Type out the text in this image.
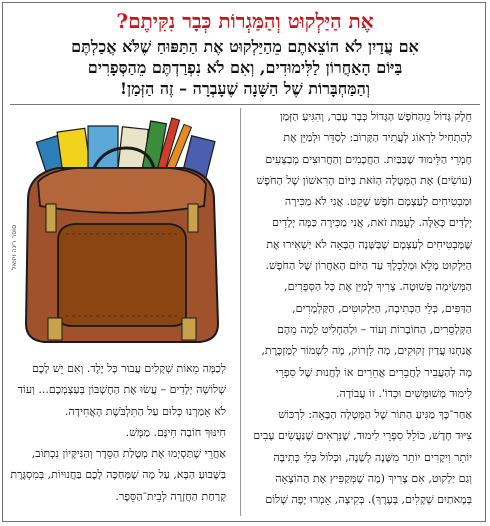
אֶת הַיַּלְקוּט וְהַמַּגְרוֹת כְּבָר נִקִּיתֶם?
אִם עֲדַיִן לֹא הוֹצֵאתֶם מֵהַיַּלְקוּט אֶת הַתַּפּוּחַ שֶׁלֹּא אֲכַלְתֶּם
בַּיּוֹם הָאַחֲרוֹן לַלִּימוּדִים, וְאִם לֹא נִפְרַדְתֶּם מֵהַסְּפָרִים
וְהַמַּחְבָּרוֹת שֶׁל הַשָּׁנָה שֶׁעָבְרָה – זֶה הַזְּמַן!
סופר רינה ויזואל

חֵלֶק גָּדוֹל מֵהַחֹפֶשׁ הַגָּדוֹל כְּבָר עָבַר, וְהִגִּיעַ הַזְּמַן
לְהַתְחִיל לִרְאוֹג לְעֲתִיד הַקָּרוֹב: לְסַדֵּר וּלְמַיֵּן אֶת
חָמְרֵי הַלִּימוּד שֶׁבַּבַּיִת. הַחֲכָמִים וְהַחֲרוּצִים מְבַצְּעִים
(עוֹשִׂים) אֶת הַמְּטָלָה הַזֹּאת בַּיּוֹם הָרִאשׁוֹן שֶׁל הַחֹפֶשׁ
וּמַבְטִיחִים לְעַצְמָם חֹפֶשׁ שָׁקֵט. אֲנִי לֹא מַכִּירָה
יְלָדִים כָּאֵלֶּה. לְעֻמַּת זֹאת, אֲנִי מַכִּירָה כַּמָּה יְלָדִים
שֶׁמַּבְטִיחִים לְעַצְמָם שֶׁבַּשָּׁנָה הַבָּאָה לֹא יַשְׁאִירוּ אֶת
הַיַּלְקוּט מָלֵא וּמְלֻכְלָךְ עַד הַיּוֹם הָאַחֲרוֹן שֶׁל הַחֹפֶשׁ.

הַמְּשִׂימָה פְּשׁוּטָה. צָרִיךְ לְמַיֵּן אֶת כָּל הַסְּפָרִים,
הַדַּפִּים, כְּלֵי הַכְּתִיבָה, הַיַּלְקוּטִים, הַקַּלְמָרִים,
הַקְּלָסֵרִים, הַחוֹבָרוֹת וְעוֹד – וּלְהַחְלִיט לְמָה מֵהֶם
אֲנַחְנוּ עֲדַיִן זְקוּקִים, מָה לִזְרוֹק, מָה לִשְׁמוֹר לְמַזְכֶּרֶת,
מָה לְהַעֲבִיר לַחֲבֵרִים אֲחֵרִים אוֹ לַחֲנוּת שֶׁל סִפְרֵי
לִימוּד מְשׁוּמָּשִׁים וּכְדוֹ'. זוֹ עֲבוֹדָה.

אַחַר־כָּךְ מַגִּיעַ הַתּוֹר שֶׁל הַמְּטָלָה הַבָּאָה: לִרְכּוֹשׁ
צִיּוּד חָדָשׁ, כּוֹלֵל סִפְרֵי לִימוּד, שֶׁנִּרְאִים שֶׁנַּעֲשִׂים עָבִים
יוֹתֵר וִיקָרִים יוֹתֵר מִשָּׁנָה לְשָׁנָה, וּכְלוֹל כְּלֵי כְּתִיבָה
וְגַם יַלְקוּט, אִם צָרִיךְ (מָה שֶׁמְּקַפִּיץ אֶת הַהוֹצָאָה
בְּמָאתַיִם שְׁקָלִים, בְּעֶרֶךְ). בְּקִיצָה, אָמְרוּ יָפֶה שָׁלוֹם

לְכַמָּה מֵאוֹת שְׁקָלִים עֲבוּר כָּל יֶלֶד. וְאִם יֵשׁ לָכֶם
שְׁלוֹשָׁה יְלָדִים – עֲשׂוּ אֶת הַחֶשְׁבּוֹן בְּעַצְמְכֶם... וְעוֹד
לֹא אָמַרְנוּ כְּלוּם עַל הַתִּלְבֹּשֶׁת הָאֲחִידָה.

חִינּוּךְ חוֹבָה חִינָּם. מַמָּשׁ.

אַחֲרֵי שֶׁתַּסְיְמוּ אֶת מְטָלַת הַסֵּדֶר וְהַנִּיקָּיוֹן נִכְתּוֹב,
בַּשָּׁבוּעַ הַבָּא, עַל מָה שֶׁמְּחַכֶּה לָכֶם בַּחֲנוּיוֹת, בְּמִסְגֶּרֶת
קְרַחַת הַחֲזָרָה לְבֵית־הַסֵּפֶר.
